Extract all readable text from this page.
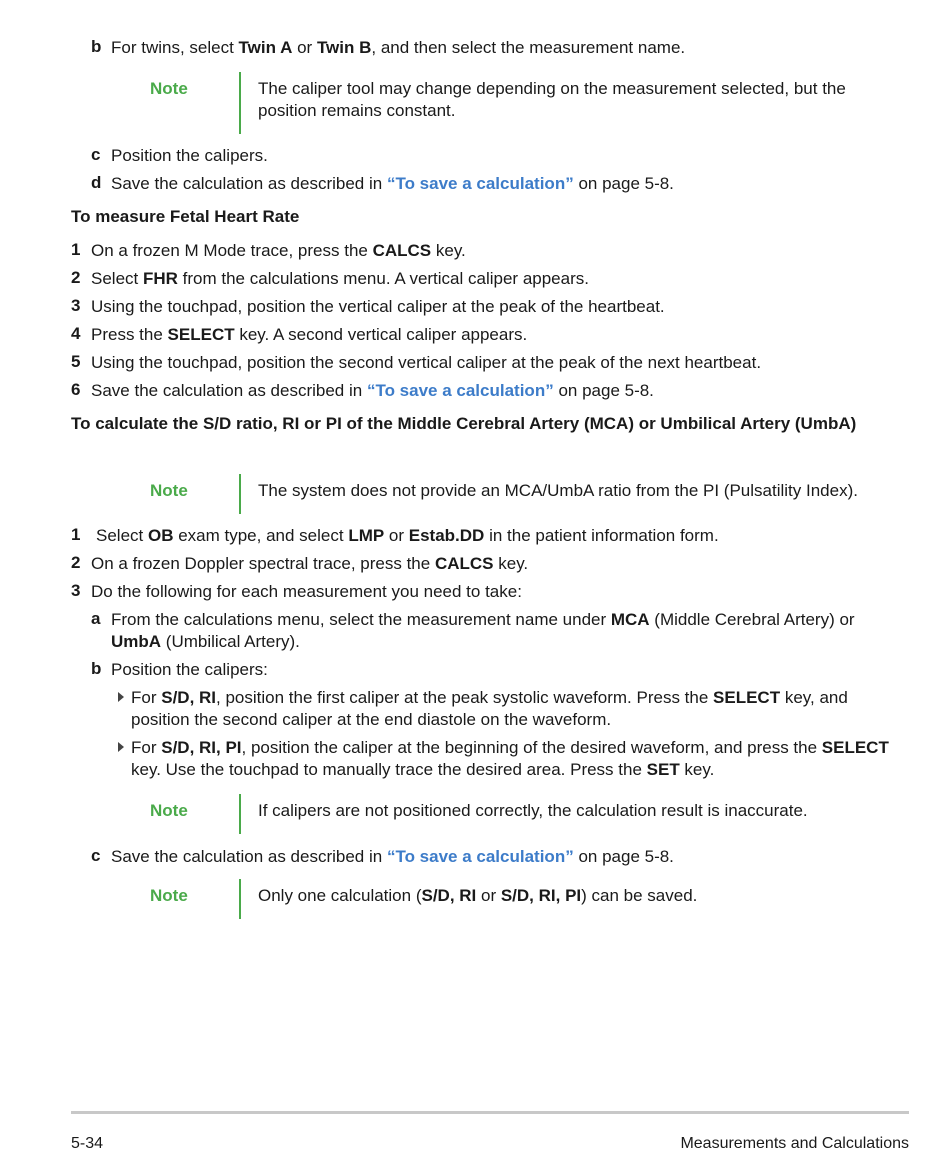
b For twins, select Twin A or Twin B, and then select the measurement name.
Note	The caliper tool may change depending on the measurement selected, but the position remains constant.
c Position the calipers.
d Save the calculation as described in “To save a calculation” on page 5-8.
To measure Fetal Heart Rate
1 On a frozen M Mode trace, press the CALCS key.
2 Select FHR from the calculations menu. A vertical caliper appears.
3 Using the touchpad, position the vertical caliper at the peak of the heartbeat.
4 Press the SELECT key. A second vertical caliper appears.
5 Using the touchpad, position the second vertical caliper at the peak of the next heartbeat.
6 Save the calculation as described in “To save a calculation” on page 5-8.
To calculate the S/D ratio, RI or PI of the Middle Cerebral Artery (MCA) or Umbilical Artery (UmbA)
Note	The system does not provide an MCA/UmbA ratio from the PI (Pulsatility Index).
1 Select OB exam type, and select LMP or Estab.DD in the patient information form.
2 On a frozen Doppler spectral trace, press the CALCS key.
3 Do the following for each measurement you need to take:
a From the calculations menu, select the measurement name under MCA (Middle Cerebral Artery) or UmbA (Umbilical Artery).
b Position the calipers:
For S/D, RI, position the first caliper at the peak systolic waveform. Press the SELECT key, and position the second caliper at the end diastole on the waveform.
For S/D, RI, PI, position the caliper at the beginning of the desired waveform, and press the SELECT key. Use the touchpad to manually trace the desired area. Press the SET key.
Note	If calipers are not positioned correctly, the calculation result is inaccurate.
c Save the calculation as described in “To save a calculation” on page 5-8.
Note	Only one calculation (S/D, RI or S/D, RI, PI) can be saved.
5-34	Measurements and Calculations
